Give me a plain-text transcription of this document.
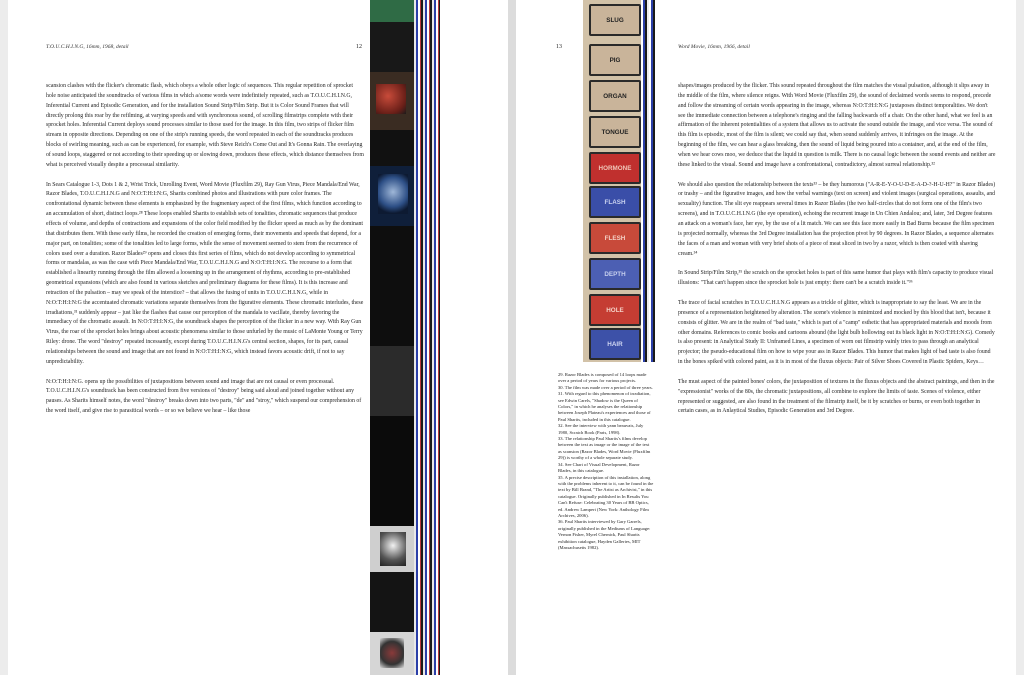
T.O.U.C.H.I.N.G, 16mm, 1968, detail	12

scansion clashes with the flicker's chromatic flash, which obeys a whole other logic of sequences. This regular repetition of sprocket hole noise anticipated the soundtracks of various films in which a/some words were indefinitely repeated, such as T.O.U.C.H.I.N.G, Inferential Current and Episodic Generation, and for the installation Sound Strip/Film Strip. But it is Color Sound Frames that will directly prolong this roar by the refilming, at varying speeds and with synchronous sound, of scrolling filmstrips complete with their sprocket holes. Inferential Current deploys sound processes similar to those used for the image. In this film, two strips of flicker film stream in opposite directions. Depending on one of the strip's running speeds, the word repeated in each of the soundtracks produces blocks of swirling meaning, such as can be experienced, for example, with Steve Reich's Come Out and It's Gonna Rain. The overlaying of sound loops, staggered or not according to their speeding up or slowing down, produces these effects, which distance themselves from what is perceived visually despite a processual similarity.

In Sears Catalogue 1-3, Dots 1 & 2, Wrist Trick, Unrolling Event, Word Movie (Fluxfilm 29), Ray Gun Virus, Piece Mandala/End War, Razor Blades, T.O.U.C.H.I.N.G and N:O:T:H:I:N:G, Sharits combined photos and illustrations with pure color frames. The confrontational dynamic between these elements is emphasized by the fragmentary aspect of the first films, which function according to an accumulation of short, distinct loops.²⁸ These loops enabled Sharits to establish sets of tonalities, chromatic sequences that produce effects of volume, and depths of contractions and expansions of the color field modified by the flicker speed as much as by the dominant that distributes them. With these early films, he recorded the creation of emerging forms, their movements and speeds that depend, for a major part, on tonalities; some of the tonalities led to large forms, while the sense of movement seemed to stem from the recurrence of colors used over a duration. Razor Blades²⁹ opens and closes this first series of films, which do not develop according to symmetrical forms or mandalas, as was the case with Piece Mandala/End War, T.O.U.C.H.I.N.G and N:O:T:H:I:N:G. The recourse to a form that established a linearity running through the film allowed a loosening up in the arrangement of rhythms, according to pre-established geometrical expansions (which are also found in various sketches and preliminary diagrams for these films). It is this increase and retraction of the pulsation – may we speak of the interstice? – that allows the fusing of units in T.O.U.C.H.I.N.G, while in N:O:T:H:I:N:G the accentuated chromatic variations separate themselves from the figurative elements. These chromatic interludes, these irradiations,³¹ suddenly appear – just like the flashes that cause our perception of the mandala to vacillate, thereby favoring the immediacy of the chromatic assault. In N:O:T:H:I:N:G, the soundtrack shapes the perception of the flicker in a new way. With Ray Gun Virus, the roar of the sprocket holes brings about acoustic phenomena similar to those unfurled by the music of LaMonte Young or Terry Riley: drone. The word "destroy" repeated incessantly, except during T.O.U.C.H.I.N.G's central section, shapes, for its part, causal relationships between the sound and image that are not found in N:O:T:H:I:N:G, which instead favors acoustic drift, if not to say unpredictability.

N:O:T:H:I:N:G. opens up the possibilities of juxtapositions between sound and image that are not causal or even processual. T.O.U.C.H.I.N.G's soundtrack has been constructed from five versions of "destroy" being said aloud and joined together without any pauses. As Sharits himself notes, the word "destroy" breaks down into two parts, "de" and "stroy," which suspend our comprehension of the word itself, and give rise to parasitical words – or so we believe we hear – like those

13	Word Movie, 16mm, 1966, detail
SLUG
PIG
ORGAN
TONGUE
HORMONE
FLASH
FLESH
DEPTH
HOLE
HAIR
29. Razor Blades is composed of 14 loops made over a period of years for various projects.
30. The film was made over a period of three years.
31. With regard to this phenomenon of irradiation, see Edwin Carels, "Shadow is the Queen of Colors," in which he analyses the relationship between Joseph Plateau's experiences and those of Paul Sharits, included in this catalogue.
32. See the interview with yann beauvais, July 1980, Scratch Book (Paris, 1998).
33. The relationship Paul Sharits's films develop between the text as image or the image of the text as scansion (Razor Blades, Word Movie (Fluxfilm 29)) is worthy of a whole separate study.
34. See Chart of Visual Development, Razor Blades, in this catalogue.
35. A precise description of this installation, along with the problems inherent to it, can be found in the text by Bill Brand, "The Artist as Archivist," in this catalogue. Originally published in In Results You Can't Refuse: Celebrating 30 Years of BB Optics, ed. Andrew Lampert (New York: Anthology Film Archives, 2006).
36. Paul Sharits interviewed by Gary Garrels, originally published in the Mediums of Language: Vernon Fisher, Myrel Chernick, Paul Sharits exhibition catalogue, Hayden Galleries, MIT (Massachusetts 1982).

shapes/images produced by the flicker. This sound repeated throughout the film matches the visual pulsation, although it slips away in the middle of the film, where silence reigns. With Word Movie (Fluxfilm 29), the sound of declaimed words seems to respond, precede and follow the streaming of certain words appearing in the image, whereas N:O:T:H:I:N:G juxtaposes distinct temporalities. We don't see the immediate connection between a telephone's ringing and the falling backwards off a chair. On the other hand, what we feel is an affirmation of the inherent potentialities of a system that allows us to activate the sound outside the image, and vice versa. The sound of this film is episodic, most of the film is silent; we could say that, when sound suddenly arrives, it infringes on the image. At the beginning of the film, we can hear a glass breaking, then the sound of liquid being poured into a container, and, at the end of the film, when we hear cows moo, we deduce that the liquid in question is milk. There is no causal logic between the sound events and neither are these linked to the visual. Sound and image have a confrontational, contradictory, almost surreal relationship.³²

We should also question the relationship between the texts³³ – be they humorous ("A-R-E-Y-O-U-D-E-A-D-?-H-U-H?" in Razor Blades) or trashy – and the figurative images, and how the verbal warnings (text on screen) and violent images (surgical operations, assaults, and sexuality) function. The slit eye reappears several times in Razor Blades (the two half-circles that do not form one of the film's two screens), and in T.O.U.C.H.I.N.G (the eye operation), echoing the recurrent image in Un Chien Andalou; and, later, 3rd Degree features an attack on a woman's face, her eye, by the use of a lit match. We can see this face more easily in Bad Burns because the film specimen is projected normally, whereas the 3rd Degree installation has the projection pivot by 90 degrees. In Razor Blades, a sequence alternates the faces of a man and woman with very brief shots of a piece of meat sliced in two by a razor, which is then coated with shaving cream.³⁴

In Sound Strip/Film Strip,³⁵ the scratch on the sprocket holes is part of this same humor that plays with film's capacity to produce visual illusions: "That can't happen since the sprocket hole is just empty: there can't be a scratch inside it."³⁶

The trace of facial scratches in T.O.U.C.H.I.N.G appears as a trickle of glitter, which is inappropriate to say the least. We are in the presence of a representation heightened by alteration. The scene's violence is minimized and mocked by this blood that isn't, because it consists of glitter. We are in the realm of "bad taste," which is part of a "camp" esthetic that has appropriated materials and moods from other domains. References to comic books and cartoons abound (the light bulb hollowing out its black light in N:O:T:H:I:N:G). Comedy is also present: in Analytical Study II: Unframed Lines, a specimen of worn out filmstrip vainly tries to pass through an analytical projector; the pseudo-educational film on how to wipe your ass in Razor Blades. This humor that makes light of bad taste is also found in the bones spiked with colored paint, as it is in most of the fluxus objects: Pair of Silver Shoes Covered in Plastic Spiders, Keys…

The must aspect of the painted bones' colors, the juxtaposition of textures in the fluxus objects and the abstract paintings, and then in the "expressionist" works of the 80s, the chromatic juxtapositions, all combine to explore the limits of taste. Scenes of violence, either represented or suggested, are also found in the treatment of the filmstrip itself, be it by scratches or burns, or even both together in certain cases, as in Anlaytical Studies, Episodic Generation and 3rd Degree.
